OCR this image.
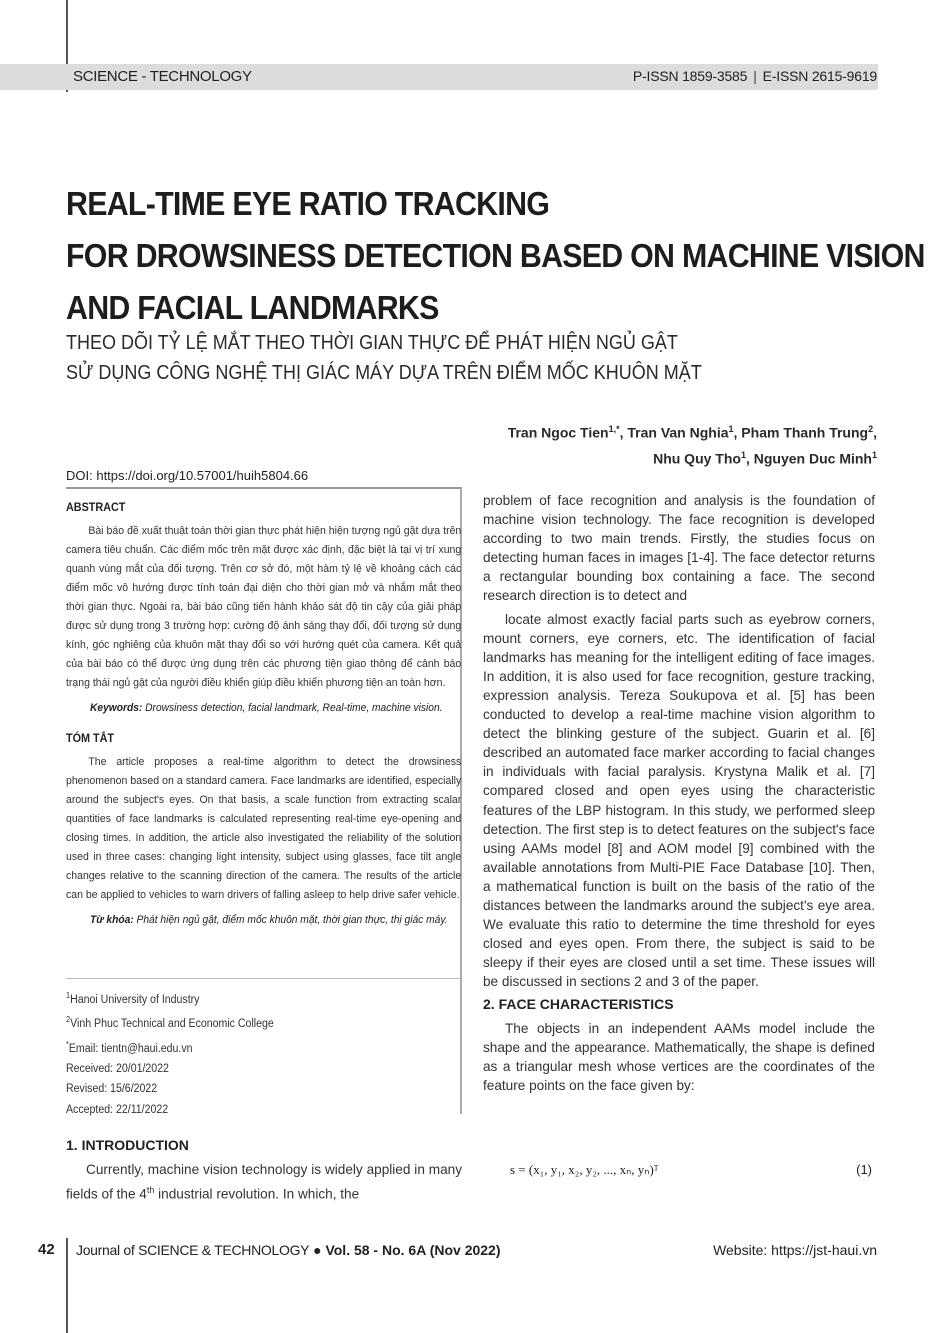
SCIENCE - TECHNOLOGY	P-ISSN 1859-3585 | E-ISSN 2615-9619
REAL-TIME EYE RATIO TRACKING
FOR DROWSINESS DETECTION BASED ON MACHINE VISION
AND FACIAL LANDMARKS
THEO DÕI TỶ LỆ MẮT THEO THỜI GIAN THỰC ĐỂ PHÁT HIỆN NGỦ GẬT
SỬ DỤNG CÔNG NGHỆ THỊ GIÁC MÁY DỰA TRÊN ĐIỂM MỐC KHUÔN MẶT
Tran Ngoc Tien$^{1,*}$, Tran Van Nghia$^1$, Pham Thanh Trung$^2$,
Nhu Quy Tho$^1$, Nguyen Duc Minh$^1$
DOI: https://doi.org/10.57001/huih5804.66
ABSTRACT
Bài báo đề xuất thuật toán thời gian thực phát hiện hiện tượng ngủ gật dựa trên camera tiêu chuẩn. Các điểm mốc trên mặt được xác định, đặc biệt là tại vị trí xung quanh vùng mắt của đối tượng. Trên cơ sở đó, một hàm tỷ lệ về khoảng cách các điểm mốc vô hướng được tính toán đại diện cho thời gian mở và nhắm mắt theo thời gian thực. Ngoài ra, bài báo cũng tiến hành khảo sát độ tin cậy của giải pháp được sử dụng trong 3 trường hợp: cường độ ánh sáng thay đổi, đối tượng sử dụng kính, góc nghiêng của khuôn mặt thay đổi so với hướng quét của camera. Kết quả của bài báo có thể được ứng dụng trên các phương tiện giao thông để cảnh báo trạng thái ngủ gật của người điều khiển giúp điều khiển phương tiện an toàn hơn.
Keywords: Drowsiness detection, facial landmark, Real-time, machine vision.
TÓM TẮT
The article proposes a real-time algorithm to detect the drowsiness phenomenon based on a standard camera. Face landmarks are identified, especially around the subject's eyes. On that basis, a scale function from extracting scalar quantities of face landmarks is calculated representing real-time eye-opening and closing times. In addition, the article also investigated the reliability of the solution used in three cases: changing light intensity, subject using glasses, face tilt angle changes relative to the scanning direction of the camera. The results of the article can be applied to vehicles to warn drivers of falling asleep to help drive safer vehicle.
Từ khóa: Phát hiện ngủ gật, điểm mốc khuôn mặt, thời gian thực, thị giác máy.
$^1$Hanoi University of Industry
$^2$Vinh Phuc Technical and Economic College
*Email: tientn@haui.edu.vn
Received: 20/01/2022
Revised: 15/6/2022
Accepted: 22/11/2022
1. INTRODUCTION
Currently, machine vision technology is widely applied in many fields of the 4th industrial revolution. In which, the

problem of face recognition and analysis is the foundation of machine vision technology. The face recognition is developed according to two main trends. Firstly, the studies focus on detecting human faces in images [1-4]. The face detector returns a rectangular bounding box containing a face. The second research direction is to detect and

locate almost exactly facial parts such as eyebrow corners, mount corners, eye corners, etc. The identification of facial landmarks has meaning for the intelligent editing of face images. In addition, it is also used for face recognition, gesture tracking, expression analysis. Tereza Soukupova et al. [5] has been conducted to develop a real-time machine vision algorithm to detect the blinking gesture of the subject. Guarin et al. [6] described an automated face marker according to facial changes in individuals with facial paralysis. Krystyna Malik et al. [7] compared closed and open eyes using the characteristic features of the LBP histogram. In this study, we performed sleep detection. The first step is to detect features on the subject's face using AAMs model [8] and AOM model [9] combined with the available annotations from Multi-PIE Face Database [10]. Then, a mathematical function is built on the basis of the ratio of the distances between the landmarks around the subject's eye area. We evaluate this ratio to determine the time threshold for eyes closed and eyes open. From there, the subject is said to be sleepy if their eyes are closed until a set time. These issues will be discussed in sections 2 and 3 of the paper.

2. FACE CHARACTERISTICS

The objects in an independent AAMs model include the shape and the appearance. Mathematically, the shape is defined as a triangular mesh whose vertices are the coordinates of the feature points on the face given by:

s = (x₁, y₁, x₂, y₂, ..., xₙ, yₙ)ᵀ	(1)
42 Journal of SCIENCE & TECHNOLOGY ● Vol. 58 - No. 6A (Nov 2022)	Website: https://jst-haui.vn
